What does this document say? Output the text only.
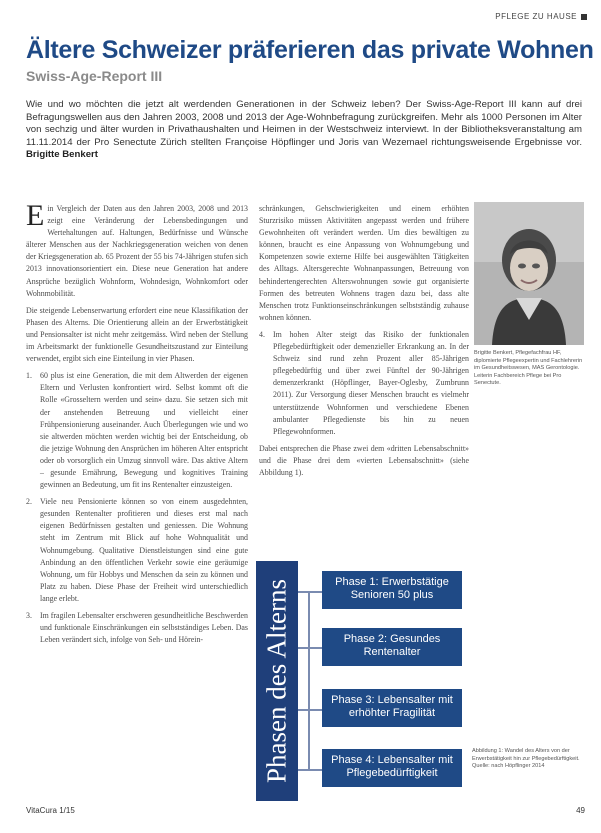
PFLEGE ZU HAUSE
Ältere Schweizer präferieren das private Wohnen
Swiss-Age-Report III
Wie und wo möchten die jetzt alt werdenden Generationen in der Schweiz leben? Der Swiss-Age-Report III kann auf drei Befragungswellen aus den Jahren 2003, 2008 und 2013 der Age-Wohnbefragung zurückgreifen. Mehr als 1000 Personen im Alter von sechzig und älter wurden in Privathaushalten und Heimen in der Westschweiz interviewt. In der Bibliotheksveranstaltung am 11.11.2014 der Pro Senectute Zürich stellten Françoise Höpflinger und Joris van Wezemael richtungsweisende Ergebnisse vor. Brigitte Benkert

E in Vergleich der Daten aus den Jahren 2003, 2008 und 2013 zeigt eine Veränderung der Lebensbedingungen und Wertehaltungen auf. Haltungen, Bedürfnisse und Wünsche älterer Menschen aus der Nachkriegsgeneration weichen von denen der Kriegsgeneration ab. 65 Prozent der 55 bis 74-Jährigen stufen sich 2013 innovationsorientiert ein. Diese neue Generation hat andere Ansprüche bezüglich Wohnform, Wohndesign, Wohnkomfort oder Wohnmobilität.

Die steigende Lebenserwartung erfordert eine neue Klassifikation der Phasen des Alterns. Die Orientierung allein an der Erwerbstätigkeit und Pensionsalter ist nicht mehr zeitgemäss. Wird neben der Stellung im Arbeitsmarkt der funktionelle Gesundheitszustand zur Einteilung verwendet, ergibt sich eine Einteilung in vier Phasen.

1. 60 plus ist eine Generation, die mit dem Altwerden der eigenen Eltern und Verlusten konfrontiert wird. Selbst kommt oft die Rolle «Grosseltern werden und sein» dazu. Sie setzen sich mit der anstehenden Betreuung und vielleicht einer Frühpensionierung auseinander. Auch Überlegungen wie und wo sie altwerden möchten werden wichtig bei der Entscheidung, ob die jetzige Wohnung den Ansprüchen im höheren Alter entspricht oder ob vorsorglich ein Umzug sinnvoll wäre. Das aktive Altern – gesunde Ernährung, Bewegung und kognitives Training gewinnen an Bedeutung, um fit ins Rentenalter einzusteigen.
2. Viele neu Pensionierte können so von einem ausgedehnten, gesunden Rentenalter profitieren und dieses erst mal nach eigenen Bedürfnissen gestalten und geniessen. Die Wohnung steht im Zentrum mit Blick auf hohe Wohnqualität und Wohnumgebung. Qualitative Dienstleistungen sind eine gute Anbindung an den öffentlichen Verkehr sowie eine geräumige Wohnung, um für Hobbys und Menschen da sein zu können und Platz zu haben. Diese Phase der Freiheit wird unterschiedlich lange erlebt.
3. Im fragilen Lebensalter erschweren gesundheitliche Beschwerden und funktionale Einschränkungen ein selbstständiges Leben. Das Leben verändert sich, infolge von Seh- und Hörein-

schränkungen, Gehschwierigkeiten und einem erhöhten Sturzrisiko müssen Aktivitäten angepasst werden und frühere Gewohnheiten oft verändert werden. Um dies bewältigen zu können, braucht es eine Anpassung von Wohnumgebung und Kompetenzen sowie externe Hilfe bei ausgewählten Tätigkeiten des Alltags. Altersgerechte Wohnanpassungen, Betreuung von behindertengerechten Alterswohnungen sowie gut organisierte Formen des betreuten Wohnens tragen dazu bei, dass alte Menschen trotz Funktionseinschränkungen selbstständig zuhause wohnen können.

4. Im hohen Alter steigt das Risiko der funktionalen Pflegebedürftigkeit oder demenzieller Erkrankung an. In der Schweiz sind rund zehn Prozent aller 85-Jährigen pflegebedürftig und über zwei Fünftel der 90-Jährigen demenzerkrankt (Höpflinger, Bayer-Oglesby, Zumbrunn 2011). Zur Versorgung dieser Menschen braucht es vielmehr unterstützende Wohnformen und verschiedene Ebenen ambulanter Pflegedienste bis hin zu neuen Pflegewohnformen.

Dabei entsprechen die Phase zwei dem «dritten Lebensabschnitt» und die Phase drei dem «vierten Lebensabschnitt» (siehe Abbildung 1).

Brigitte Benkert, Pflegefachfrau HF, diplomierte Pflegeexpertin und Fachlehrerin im Gesundheitswesen, MAS Gerontologie. Leiterin Fachbereich Pflege bei Pro Senectute.
Phasen des Alterns	Phase 1: Erwerbstätige Senioren 50 plus
Phase 2: Gesundes Rentenalter
Phase 3: Lebensalter mit erhöhter Fragilität
Phase 4: Lebensalter mit Pflegebedürftigkeit
Abbildung 1: Wandel des Alters von der Erwerbstätigkeit hin zur Pflegebedürftigkeit. Quelle: nach Höpflinger 2014
VitaCura 1/15	49
